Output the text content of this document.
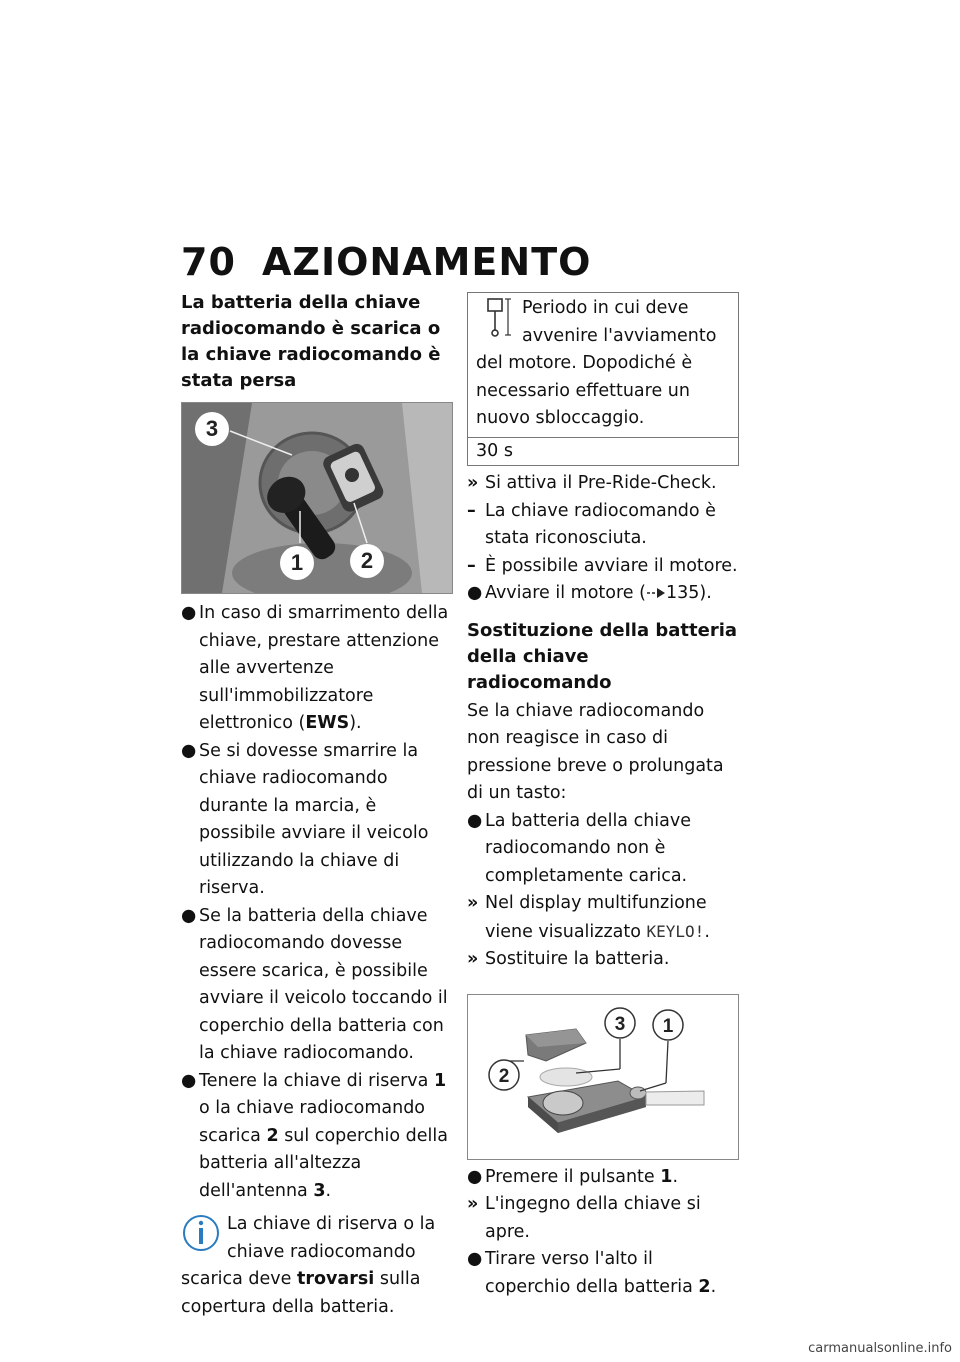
70 AZIONAMENTO
La batteria della chiave radiocomando è scarica o la chiave radiocomando è stata persa
3
1	2
● In caso di smarrimento della chiave, prestare attenzione alle avvertenze sull'immobilizzatore elettronico (EWS).
● Se si dovesse smarrire la chiave radiocomando durante la marcia, è possibile avviare il veicolo utilizzando la chiave di riserva.
● Se la batteria della chiave radiocomando dovesse essere scarica, è possibile avviare il veicolo toccando il coperchio della batteria con la chiave radiocomando.
● Tenere la chiave di riserva 1 o la chiave radiocomando scarica 2 sul coperchio della batteria all'altezza dell'antenna 3.
La chiave di riserva o la chiave radiocomando scarica deve trovarsi sulla copertura della batteria.
Periodo in cui deve avvenire l'avviamento del motore. Dopodiché è necessario effettuare un nuovo sbloccaggio.
30 s
» Si attiva il Pre-Ride-Check.
– La chiave radiocomando è stata riconosciuta.
– È possibile avviare il motore.
● Avviare il motore ( 135).
Sostituzione della batteria della chiave radiocomando

Se la chiave radiocomando non reagisce in caso di pressione breve o prolungata di un tasto:

● La batteria della chiave radiocomando non è completamente carica.
» Nel display multifunzione viene visualizzato KEYLO!.
» Sostituire la batteria.
2
3 1
● Premere il pulsante 1.
» L'ingegno della chiave si apre.
● Tirare verso l'alto il coperchio della batteria 2.
carmanualsonline.info
